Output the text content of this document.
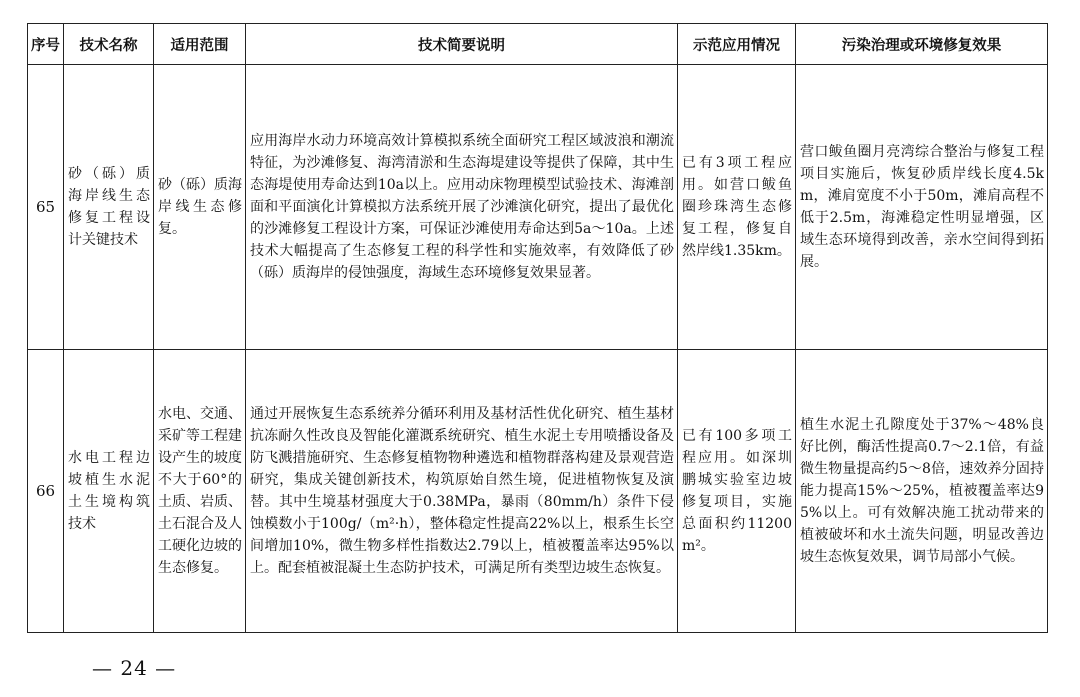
序号	技术名称	适用范围	技术简要说明	示范应用情况	污染治理或环境修复效果
65	砂（砾）质海岸线生态修复工程设计关键技术	砂（砾）质海岸线生态修复。	应用海岸水动力环境高效计算模拟系统全面研究工程区域波浪和潮流特征，为沙滩修复、海湾清淤和生态海堤建设等提供了保障，其中生态海堤使用寿命达到10a以上。应用动床物理模型试验技术、海滩剖面和平面演化计算模拟方法系统开展了沙滩演化研究，提出了最优化的沙滩修复工程设计方案，可保证沙滩使用寿命达到5a～10a。上述技术大幅提高了生态修复工程的科学性和实施效率，有效降低了砂（砾）质海岸的侵蚀强度，海域生态环境修复效果显著。	已有3项工程应用。如营口鲅鱼圈珍珠湾生态修复工程，修复自然岸线1.35km。	营口鲅鱼圈月亮湾综合整治与修复工程项目实施后，恢复砂质岸线长度4.5km，滩肩宽度不小于50m，滩肩高程不低于2.5m，海滩稳定性明显增强，区域生态环境得到改善，亲水空间得到拓展。

66	水电工程边坡植生水泥土生境构筑技术	水电、交通、采矿等工程建设产生的坡度不大于60°的土质、岩质、土石混合及人工硬化边坡的生态修复。	通过开展恢复生态系统养分循环利用及基材活性优化研究、植生基材抗冻耐久性改良及智能化灌溉系统研究、植生水泥土专用喷播设备及防飞溅措施研究、生态修复植物物种遴选和植物群落构建及景观营造研究，集成关键创新技术，构筑原始自然生境，促进植物恢复及演替。其中生境基材强度大于0.38MPa，暴雨（80mm/h）条件下侵蚀模数小于100g/（m²·h），整体稳定性提高22%以上，根系生长空间增加10%，微生物多样性指数达2.79以上，植被覆盖率达95%以上。配套植被混凝土生态防护技术，可满足所有类型边坡生态恢复。	已有100多项工程应用。如深圳鹏城实验室边坡修复项目，实施总面积约11200m²。	植生水泥土孔隙度处于37%～48%良好比例，酶活性提高0.7～2.1倍，有益微生物量提高约5～8倍，速效养分固持能力提高15%～25%，植被覆盖率达95%以上。可有效解决施工扰动带来的植被破坏和水土流失问题，明显改善边坡生态恢复效果，调节局部小气候。
— 24 —
